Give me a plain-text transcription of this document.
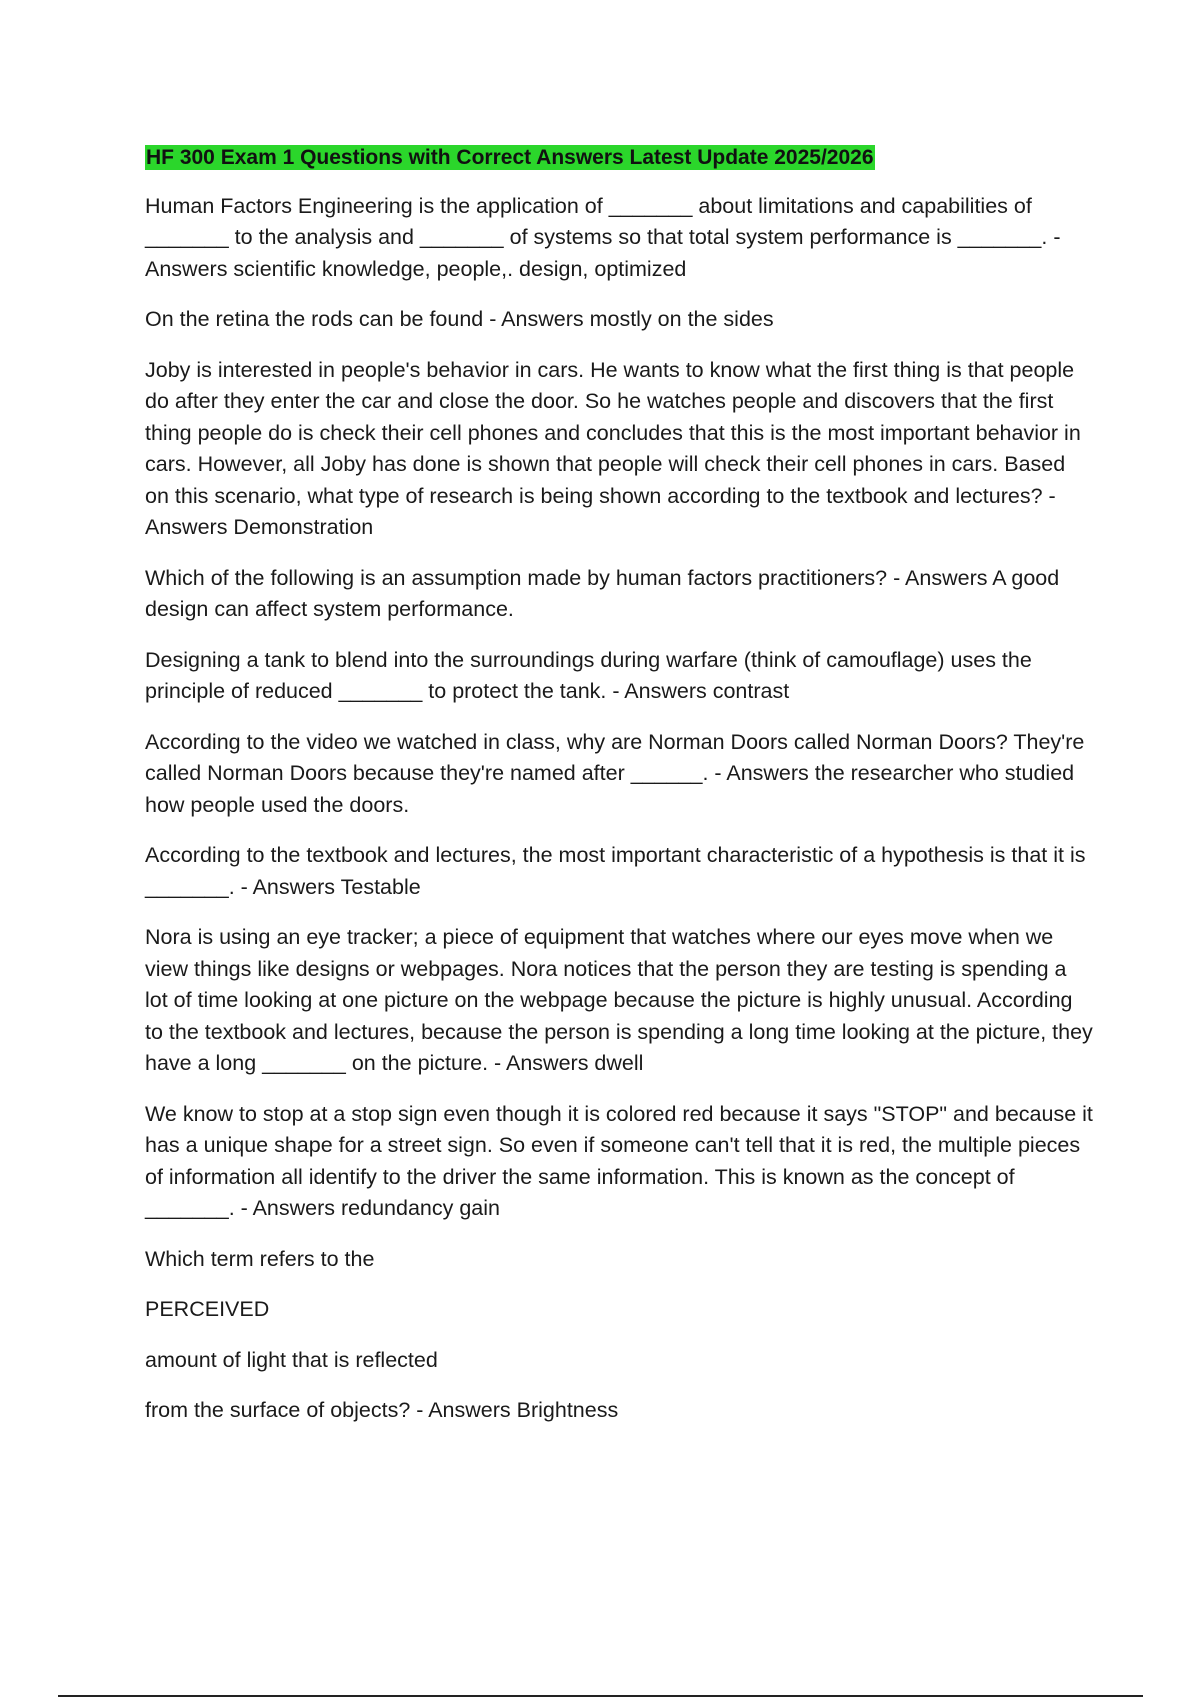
HF 300 Exam 1 Questions with Correct Answers Latest Update 2025/2026

Human Factors Engineering is the application of _______ about limitations and capabilities of _______ to the analysis and _______ of systems so that total system performance is _______. - Answers scientific knowledge, people,. design, optimized

On the retina the rods can be found - Answers mostly on the sides

Joby is interested in people's behavior in cars. He wants to know what the first thing is that people do after they enter the car and close the door. So he watches people and discovers that the first thing people do is check their cell phones and concludes that this is the most important behavior in cars. However, all Joby has done is shown that people will check their cell phones in cars. Based on this scenario, what type of research is being shown according to the textbook and lectures? - Answers Demonstration

Which of the following is an assumption made by human factors practitioners? - Answers A good design can affect system performance.

Designing a tank to blend into the surroundings during warfare (think of camouflage) uses the principle of reduced _______ to protect the tank. - Answers contrast

According to the video we watched in class, why are Norman Doors called Norman Doors? They're called Norman Doors because they're named after ______. - Answers the researcher who studied how people used the doors.

According to the textbook and lectures, the most important characteristic of a hypothesis is that it is _______. - Answers Testable

Nora is using an eye tracker; a piece of equipment that watches where our eyes move when we view things like designs or webpages. Nora notices that the person they are testing is spending a lot of time looking at one picture on the webpage because the picture is highly unusual. According to the textbook and lectures, because the person is spending a long time looking at the picture, they have a long _______ on the picture. - Answers dwell

We know to stop at a stop sign even though it is colored red because it says "STOP" and because it has a unique shape for a street sign. So even if someone can't tell that it is red, the multiple pieces of information all identify to the driver the same information. This is known as the concept of _______. - Answers redundancy gain

Which term refers to the

PERCEIVED

amount of light that is reflected

from the surface of objects? - Answers Brightness
